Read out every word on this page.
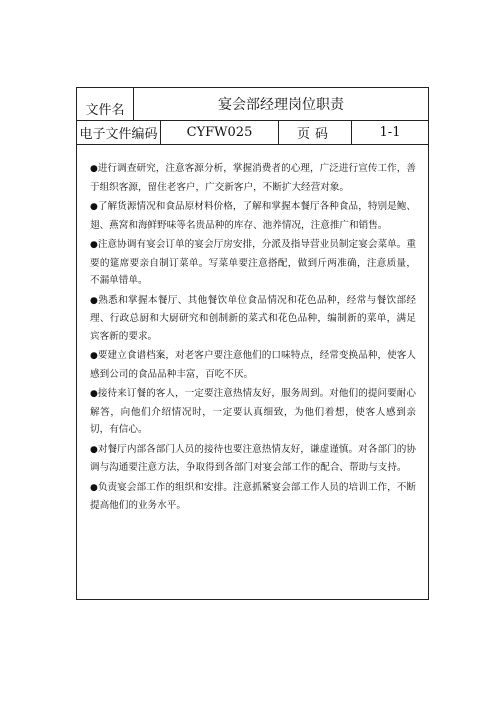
文件名	宴会部经理岗位职责
电子文件编码	CYFW025	页码	1-1

●进行调查研究，注意客源分析，掌握消费者的心理，广泛进行宣传工作，善于组织客源，留住老客户，广交新客户，不断扩大经营对象。

●了解货源情况和食品原材料价格，了解和掌握本餐厅各种食品，特别是鲍、翅、燕窝和海鲜野味等名贵品种的库存、池养情况，注意推广和销售。

●注意协调有宴会订单的宴会厅房安排，分派及指导营业员制定宴会菜单。重要的筵席要亲自制订菜单。写菜单要注意搭配，做到斤两准确，注意质量，不漏单错单。

●熟悉和掌握本餐厅、其他餐饮单位食品情况和花色品种，经常与餐饮部经理、行政总厨和大厨研究和创制新的菜式和花色品种，编制新的菜单，满足宾客新的要求。

●要建立食谱档案，对老客户要注意他们的口味特点，经常变换品种，使客人感到公司的食品品种丰富，百吃不厌。

●接待来订餐的客人，一定要注意热情友好，服务周到。对他们的提问要耐心解答，向他们介绍情况时，一定要认真细致，为他们着想，使客人感到亲切，有信心。

●对餐厅内部各部门人员的接待也要注意热情友好，谦虚谨慎。对各部门的协调与沟通要注意方法，争取得到各部门对宴会部工作的配合、帮助与支持。

●负责宴会部工作的组织和安排。注意抓紧宴会部工作人员的培训工作，不断提高他们的业务水平。
